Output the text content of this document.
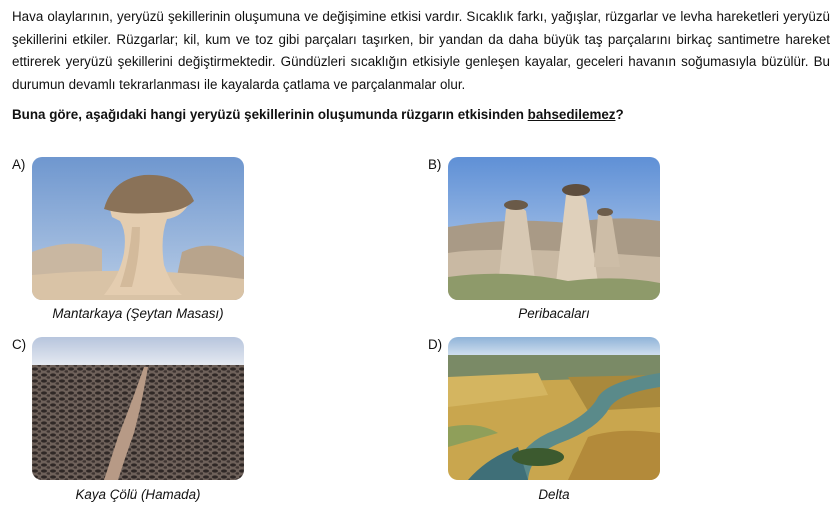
Hava olaylarının, yeryüzü şekillerinin oluşumuna ve değişimine etkisi vardır. Sıcaklık farkı, yağışlar, rüzgarlar ve levha hareketleri yeryüzü şekillerini etkiler. Rüzgarlar; kil, kum ve toz gibi parçaları taşırken, bir yandan da daha büyük taş parçalarını birkaç santimetre hareket ettirerek yeryüzü şekillerini değiştirmektedir. Gündüzleri sıcaklığın etkisiyle genleşen kayalar, geceleri havanın soğumasıyla büzülür. Bu durumun devamlı tekrarlanması ile kayalarda çatlama ve parçalanmalar olur.

Buna göre, aşağıdaki hangi yeryüzü şekillerinin oluşumunda rüzgarın etkisinden bahsedilemez?

A)
Mantarkaya (Şeytan Masası)
B)
Peribacaları
C)
Kaya Çölü (Hamada)
D)
Delta
